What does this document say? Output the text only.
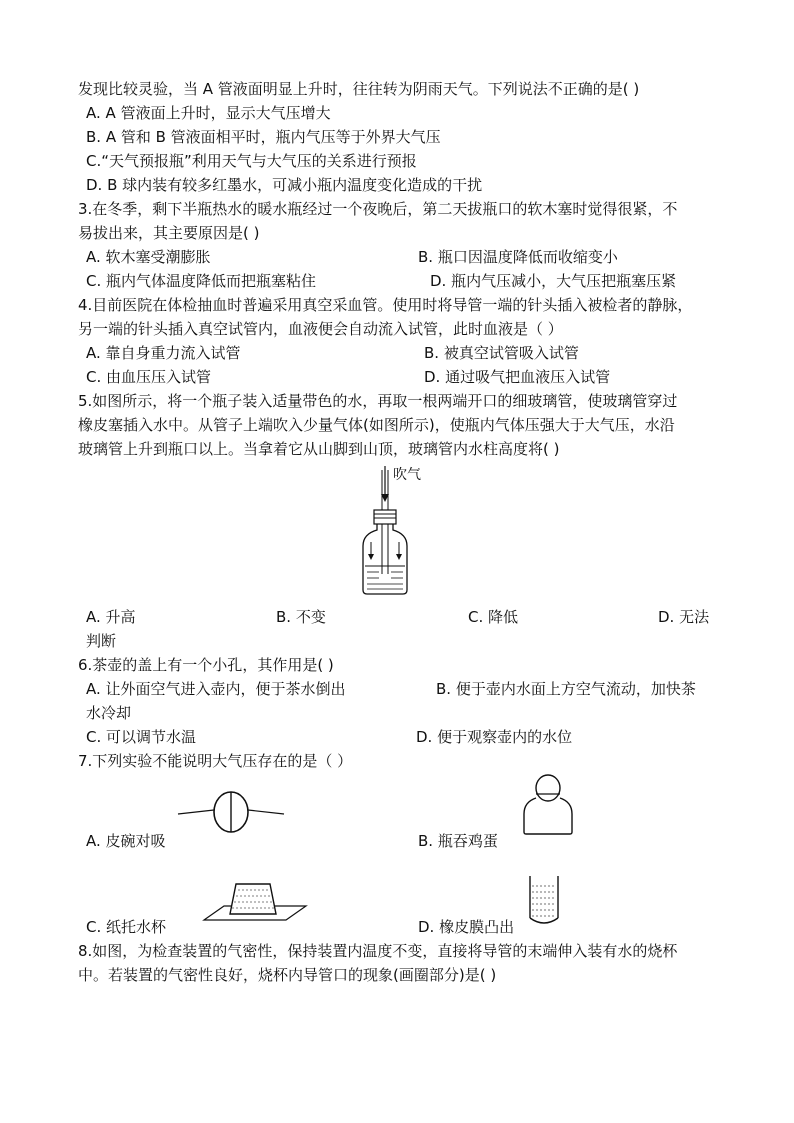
发现比较灵验，当 A 管液面明显上升时，往往转为阴雨天气。下列说法不正确的是( )
A. A 管液面上升时，显示大气压增大
B. A 管和 B 管液面相平时，瓶内气压等于外界大气压
C.“天气预报瓶”利用天气与大气压的关系进行预报
D. B 球内装有较多红墨水，可减小瓶内温度变化造成的干扰
3.在冬季，剩下半瓶热水的暖水瓶经过一个夜晚后，第二天拔瓶口的软木塞时觉得很紧，不
易拔出来，其主要原因是( )
A. 软木塞受潮膨胀	B. 瓶口因温度降低而收缩变小
C. 瓶内气体温度降低而把瓶塞粘住	D. 瓶内气压减小，大气压把瓶塞压紧
4.目前医院在体检抽血时普遍采用真空采血管。使用时将导管一端的针头插入被检者的静脉，
另一端的针头插入真空试管内，血液便会自动流入试管，此时血液是（ ）
A. 靠自身重力流入试管	B. 被真空试管吸入试管
C. 由血压压入试管	D. 通过吸气把血液压入试管
5.如图所示，将一个瓶子装入适量带色的水，再取一根两端开口的细玻璃管，使玻璃管穿过
橡皮塞插入水中。从管子上端吹入少量气体(如图所示)，使瓶内气体压强大于大气压，水沿
玻璃管上升到瓶口以上。当拿着它从山脚到山顶，玻璃管内水柱高度将( )
吹气
A. 升高	B. 不变	C. 降低	D. 无法
判断
6.茶壶的盖上有一个小孔，其作用是( )
A. 让外面空气进入壶内，便于茶水倒出	B. 便于壶内水面上方空气流动，加快茶
水冷却
C. 可以调节水温	D. 便于观察壶内的水位
7.下列实验不能说明大气压存在的是（ ）
A. 皮碗对吸	B. 瓶吞鸡蛋
C. 纸托水杯	D. 橡皮膜凸出
8.如图，为检查装置的气密性，保持装置内温度不变，直接将导管的末端伸入装有水的烧杯
中。若装置的气密性良好，烧杯内导管口的现象(画圈部分)是( )
